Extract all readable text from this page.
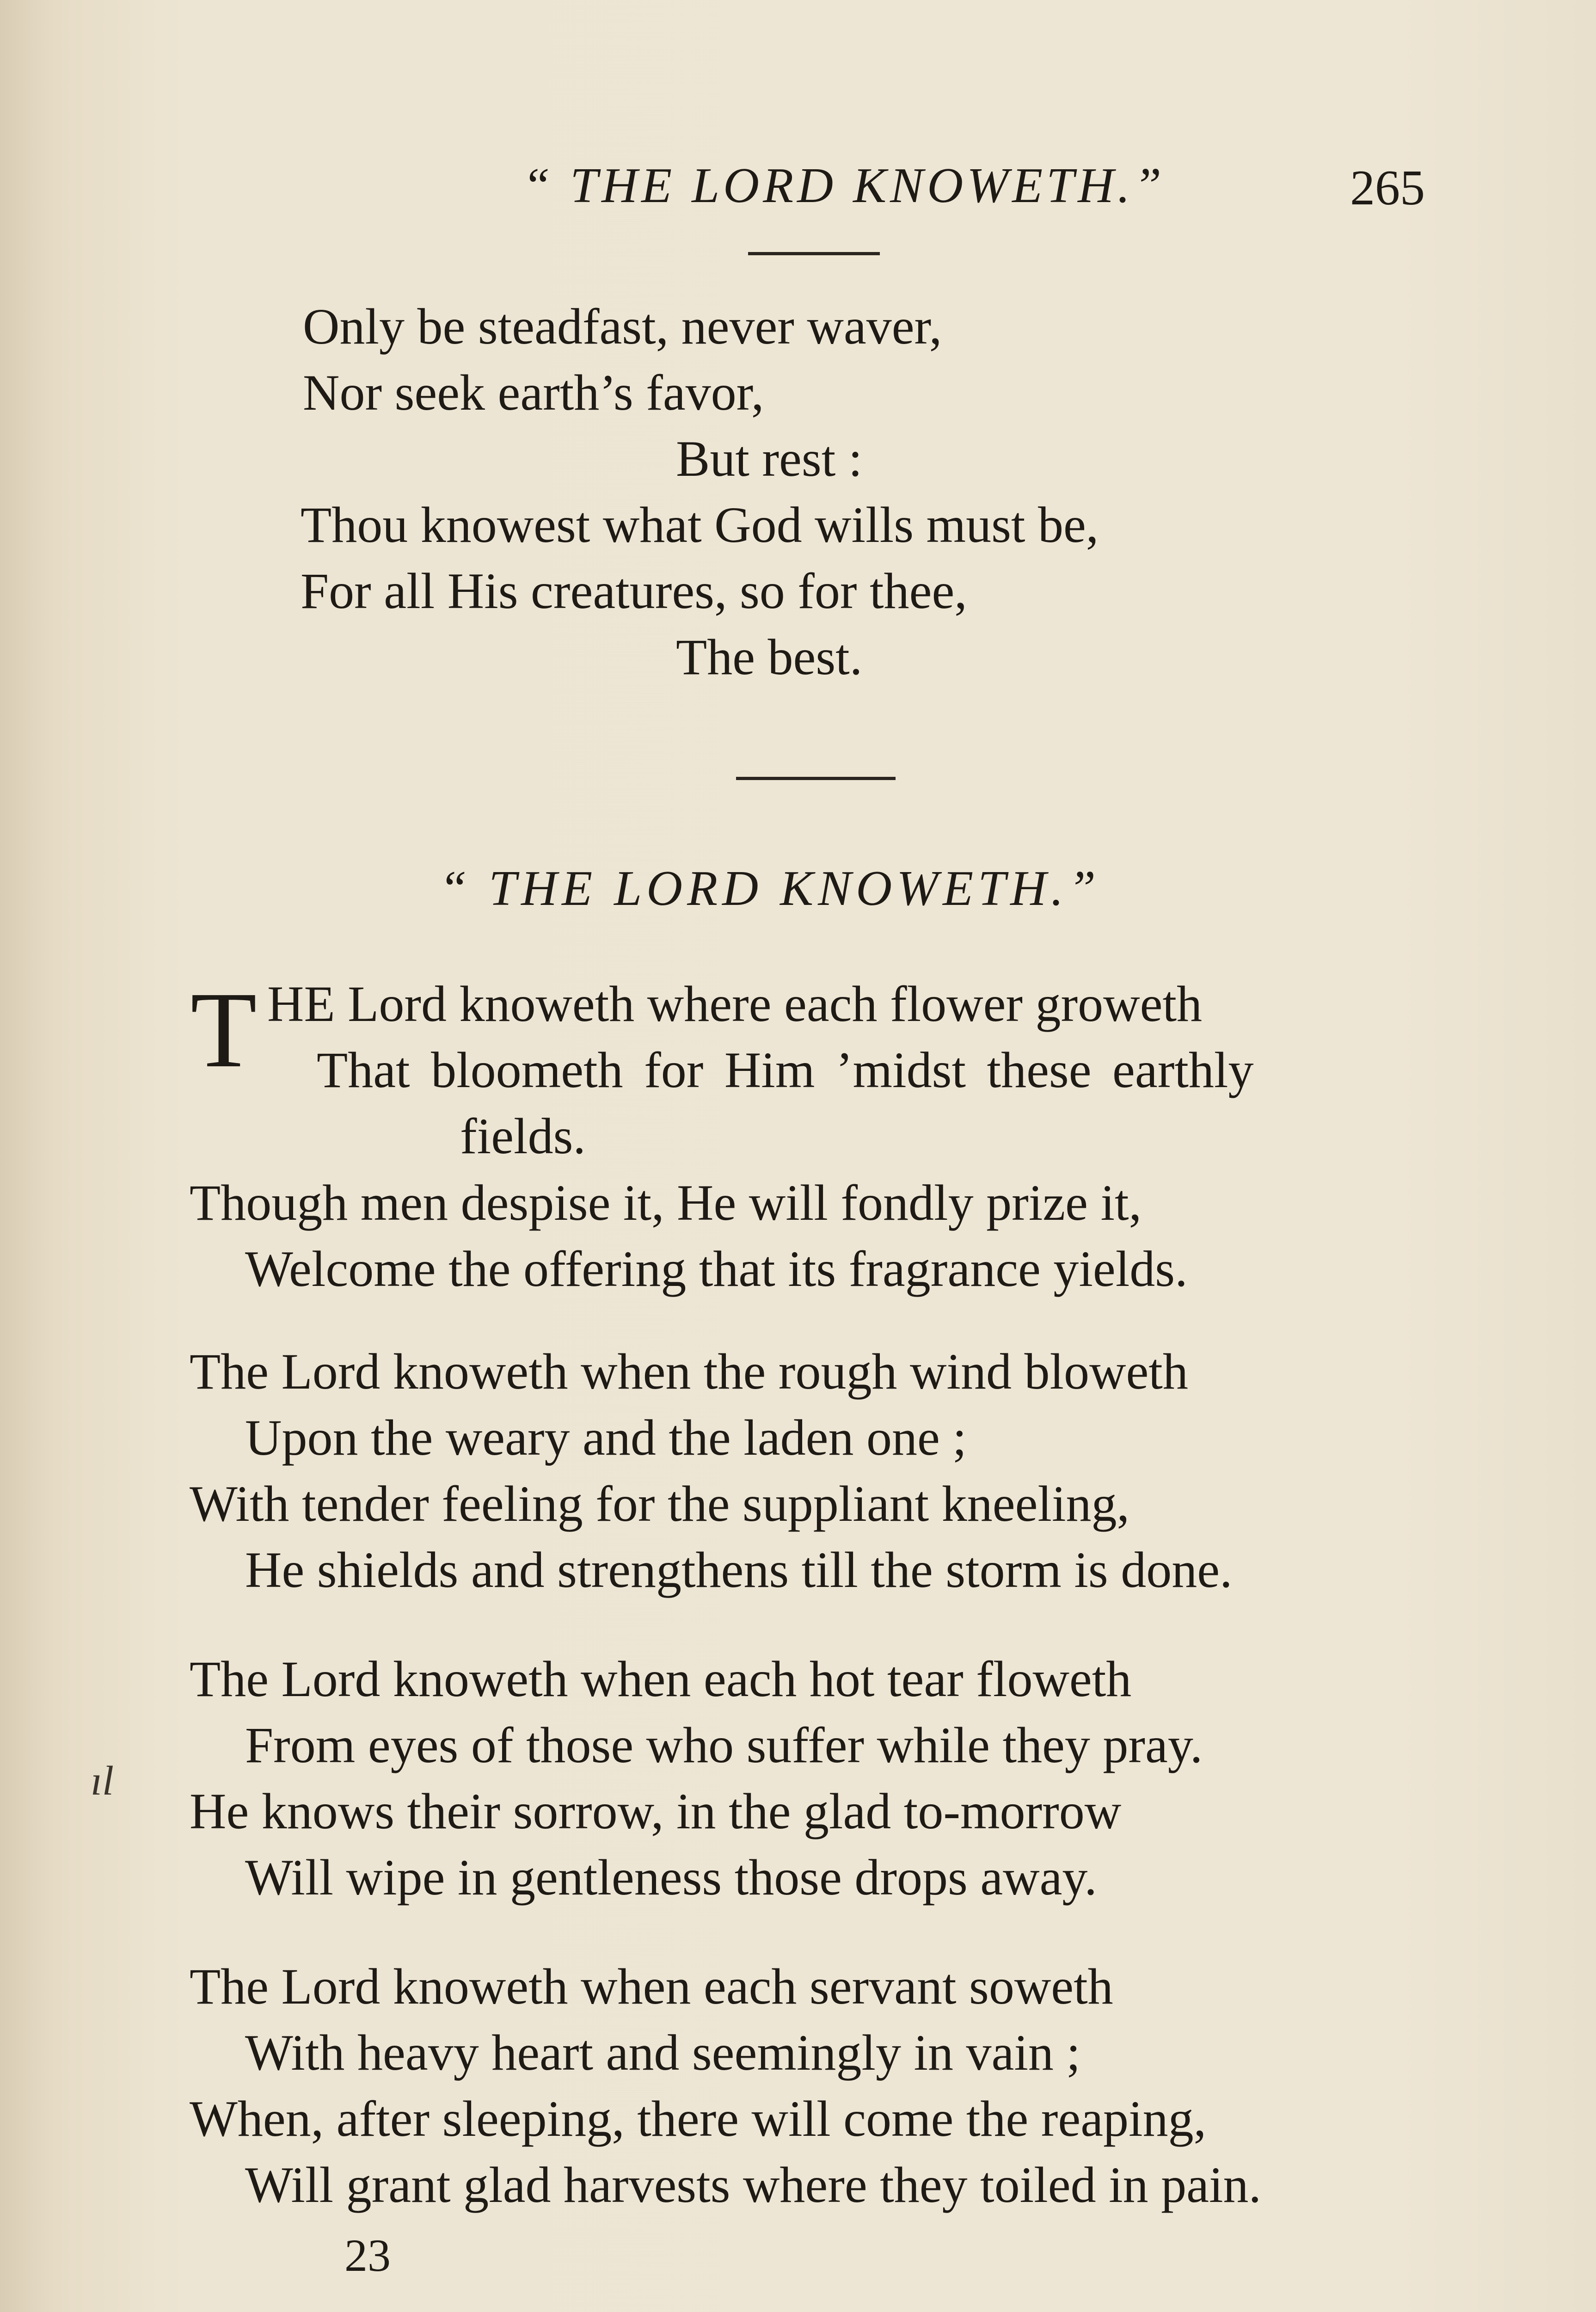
“ THE LORD KNOWETH.”	265
Only be steadfast, never waver,
Nor seek earth’s favor,
But rest :
Thou knowest what God wills must be,
For all His creatures, so for thee,
The best.
“ THE LORD KNOWETH.”
T HE Lord knoweth where each flower groweth
That bloometh for Him ’midst these earthly
fields.
Though men despise it, He will fondly prize it,
Welcome the offering that its fragrance yields.
The Lord knoweth when the rough wind bloweth
Upon the weary and the laden one ;
With tender feeling for the suppliant kneeling,
He shields and strengthens till the storm is done.
The Lord knoweth when each hot tear floweth
From eyes of those who suffer while they pray.
He knows their sorrow, in the glad to-morrow
Will wipe in gentleness those drops away.
The Lord knoweth when each servant soweth
With heavy heart and seemingly in vain ;
When, after sleeping, there will come the reaping,
Will grant glad harvests where they toiled in pain.
23
ıl
